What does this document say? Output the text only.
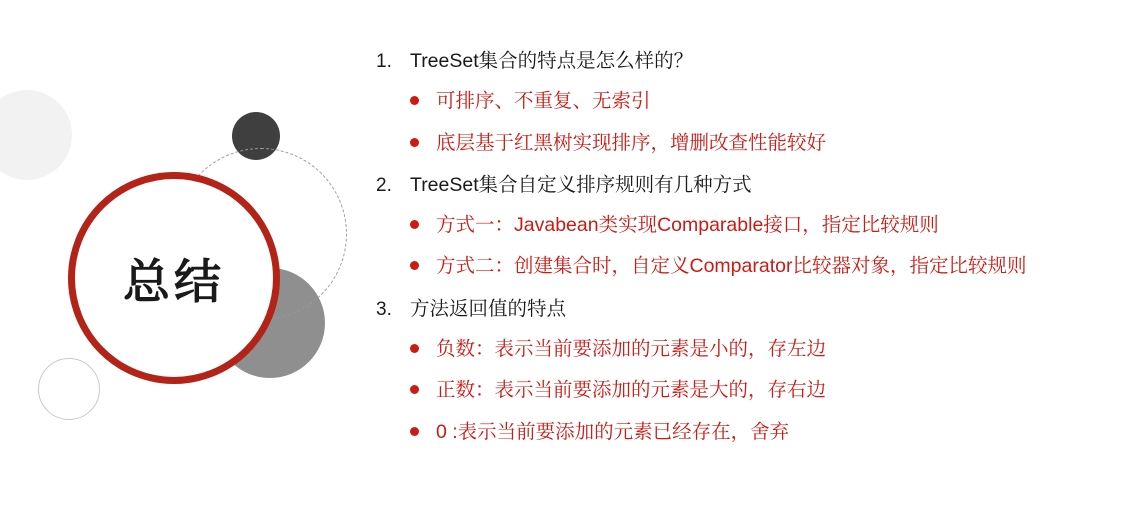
总结
1. TreeSet集合的特点是怎么样的？
可排序、不重复、无索引
底层基于红黑树实现排序，增删改查性能较好
2. TreeSet集合自定义排序规则有几种方式
方式一：Javabean类实现Comparable接口，指定比较规则
方式二：创建集合时，自定义Comparator比较器对象，指定比较规则
3. 方法返回值的特点
负数：表示当前要添加的元素是小的，存左边
正数：表示当前要添加的元素是大的，存右边
0 :表示当前要添加的元素已经存在，舍弃
